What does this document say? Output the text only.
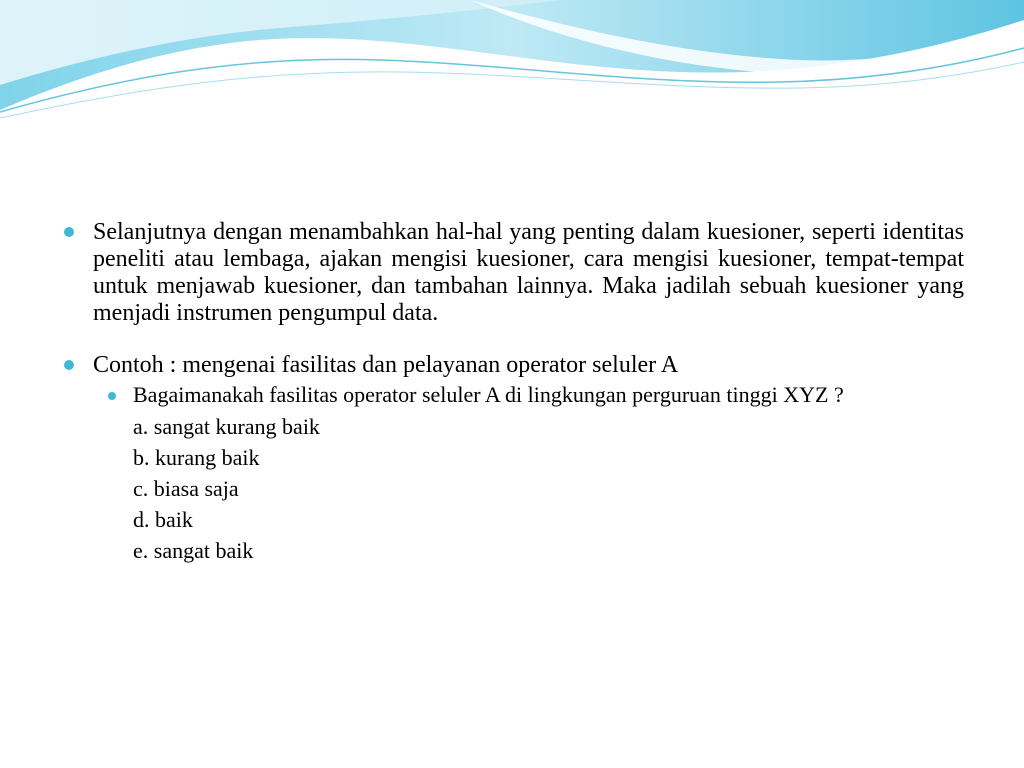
Selanjutnya dengan menambahkan hal-hal yang penting dalam kuesioner, seperti identitas peneliti atau lembaga, ajakan mengisi kuesioner, cara mengisi kuesioner, tempat-tempat untuk menjawab kuesioner, dan tambahan lainnya. Maka jadilah sebuah kuesioner yang menjadi instrumen pengumpul data.
Contoh : mengenai fasilitas dan pelayanan operator seluler A
Bagaimanakah fasilitas operator seluler A di lingkungan perguruan tinggi XYZ ?
a. sangat kurang baik
b. kurang baik
c. biasa saja
d. baik
e. sangat baik
